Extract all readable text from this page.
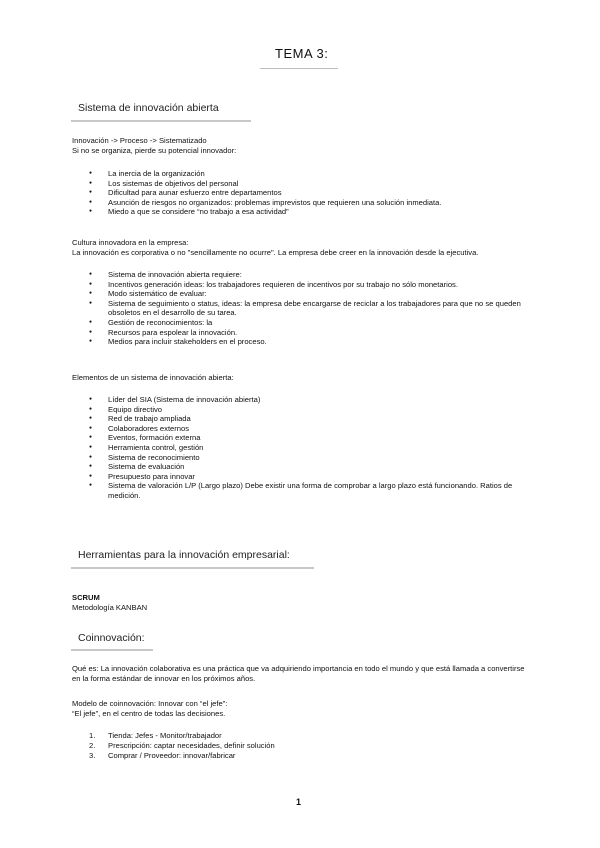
TEMA 3:
Sistema de innovación abierta
Innovación -> Proceso -> Sistematizado
Si no se organiza, pierde su potencial innovador:
● La inercia de la organización
● Los sistemas de objetivos del personal
● Dificultad para aunar esfuerzo entre departamentos
● Asunción de riesgos no organizados: problemas imprevistos que requieren una solución inmediata.
● Miedo a que se considere “no trabajo a esa actividad”
Cultura innovadora en la empresa:
La innovación es corporativa o no "sencillamente no ocurre". La empresa debe creer en la innovación desde la ejecutiva.
● Sistema de innovación abierta requiere:
● Incentivos generación ideas: los trabajadores requieren de incentivos por su trabajo no sólo monetarios.
● Modo sistemático de evaluar:
● Sistema de seguimiento o status, ideas: la empresa debe encargarse de reciclar a los trabajadores para que no se queden obsoletos en el desarrollo de su tarea.
● Gestión de reconocimientos: la
● Recursos para espolear la innovación.
● Medios para incluir stakeholders en el proceso.
Elementos de un sistema de innovación abierta:
● Líder del SIA (Sistema de innovación abierta)
● Equipo directivo
● Red de trabajo ampliada
● Colaboradores externos
● Eventos, formación externa
● Herramienta control, gestión
● Sistema de reconocimiento
● Sistema de evaluación
● Presupuesto para innovar
● Sistema de valoración L/P (Largo plazo) Debe existir una forma de comprobar a largo plazo está funcionando. Ratios de medición.
Herramientas para la innovación empresarial:
SCRUM
Metodología KANBAN
Coinnovación:
Qué es: La innovación colaborativa es una práctica que va adquiriendo importancia en todo el mundo y que está llamada a convertirse en la forma estándar de innovar en los próximos años.
Modelo de coinnovación: Innovar con “el jefe”:
“El jefe”, en el centro de todas las decisiones.
1. Tienda: Jefes - Monitor/trabajador
2. Prescripción: captar necesidades, definir solución
3. Comprar / Proveedor: innovar/fabricar
1
